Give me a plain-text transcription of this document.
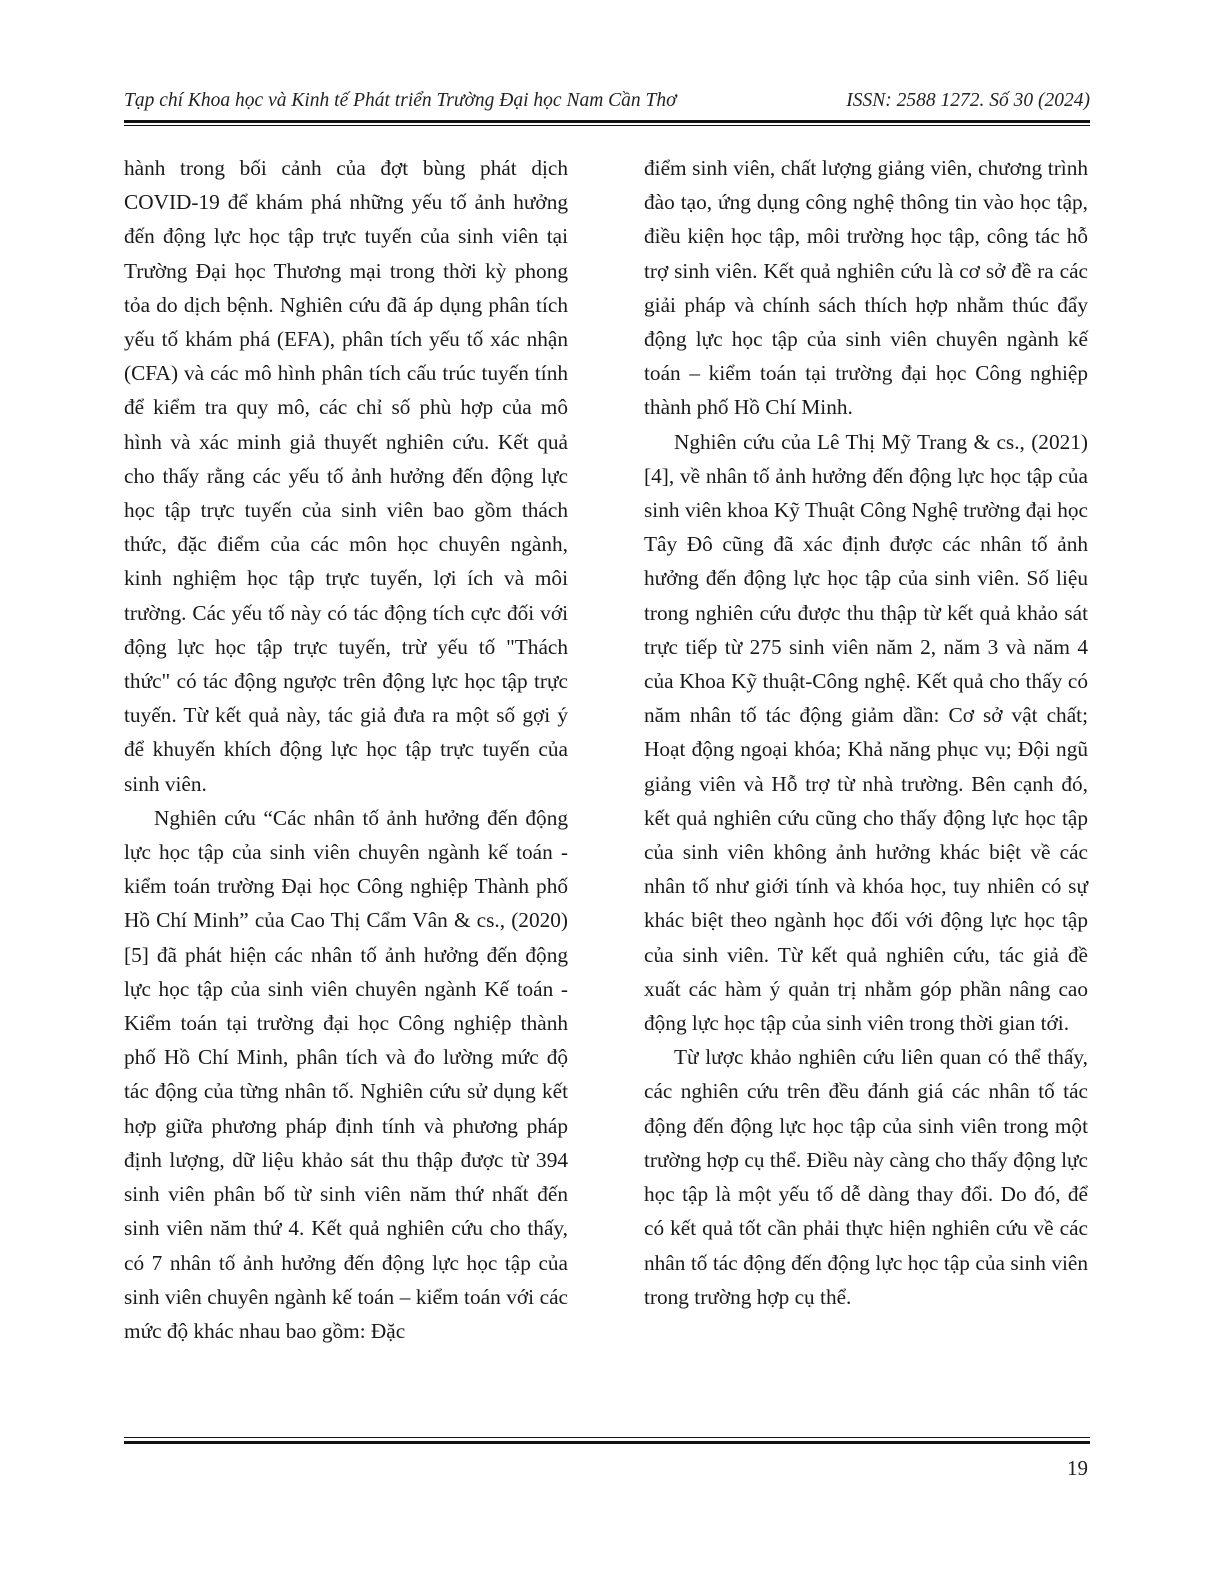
Tạp chí Khoa học và Kinh tế Phát triển Trường Đại học Nam Cần Thơ	ISSN: 2588 1272. Số 30 (2024)

hành trong bối cảnh của đợt bùng phát dịch COVID-19 để khám phá những yếu tố ảnh hưởng đến động lực học tập trực tuyến của sinh viên tại Trường Đại học Thương mại trong thời kỳ phong tỏa do dịch bệnh. Nghiên cứu đã áp dụng phân tích yếu tố khám phá (EFA), phân tích yếu tố xác nhận (CFA) và các mô hình phân tích cấu trúc tuyến tính để kiểm tra quy mô, các chỉ số phù hợp của mô hình và xác minh giả thuyết nghiên cứu. Kết quả cho thấy rằng các yếu tố ảnh hưởng đến động lực học tập trực tuyến của sinh viên bao gồm thách thức, đặc điểm của các môn học chuyên ngành, kinh nghiệm học tập trực tuyến, lợi ích và môi trường. Các yếu tố này có tác động tích cực đối với động lực học tập trực tuyến, trừ yếu tố "Thách thức" có tác động ngược trên động lực học tập trực tuyến. Từ kết quả này, tác giả đưa ra một số gợi ý để khuyến khích động lực học tập trực tuyến của sinh viên.

Nghiên cứu “Các nhân tố ảnh hưởng đến động lực học tập của sinh viên chuyên ngành kế toán - kiểm toán trường Đại học Công nghiệp Thành phố Hồ Chí Minh” của Cao Thị Cẩm Vân & cs., (2020) [5] đã phát hiện các nhân tố ảnh hưởng đến động lực học tập của sinh viên chuyên ngành Kế toán - Kiểm toán tại trường đại học Công nghiệp thành phố Hồ Chí Minh, phân tích và đo lường mức độ tác động của từng nhân tố. Nghiên cứu sử dụng kết hợp giữa phương pháp định tính và phương pháp định lượng, dữ liệu khảo sát thu thập được từ 394 sinh viên phân bố từ sinh viên năm thứ nhất đến sinh viên năm thứ 4. Kết quả nghiên cứu cho thấy, có 7 nhân tố ảnh hưởng đến động lực học tập của sinh viên chuyên ngành kế toán – kiểm toán với các mức độ khác nhau bao gồm: Đặc

điểm sinh viên, chất lượng giảng viên, chương trình đào tạo, ứng dụng công nghệ thông tin vào học tập, điều kiện học tập, môi trường học tập, công tác hỗ trợ sinh viên. Kết quả nghiên cứu là cơ sở đề ra các giải pháp và chính sách thích hợp nhằm thúc đẩy động lực học tập của sinh viên chuyên ngành kế toán – kiểm toán tại trường đại học Công nghiệp thành phố Hồ Chí Minh.

Nghiên cứu của Lê Thị Mỹ Trang & cs., (2021) [4], về nhân tố ảnh hưởng đến động lực học tập của sinh viên khoa Kỹ Thuật Công Nghệ trường đại học Tây Đô cũng đã xác định được các nhân tố ảnh hưởng đến động lực học tập của sinh viên. Số liệu trong nghiên cứu được thu thập từ kết quả khảo sát trực tiếp từ 275 sinh viên năm 2, năm 3 và năm 4 của Khoa Kỹ thuật-Công nghệ. Kết quả cho thấy có năm nhân tố tác động giảm dần: Cơ sở vật chất; Hoạt động ngoại khóa; Khả năng phục vụ; Đội ngũ giảng viên và Hỗ trợ từ nhà trường. Bên cạnh đó, kết quả nghiên cứu cũng cho thấy động lực học tập của sinh viên không ảnh hưởng khác biệt về các nhân tố như giới tính và khóa học, tuy nhiên có sự khác biệt theo ngành học đối với động lực học tập của sinh viên. Từ kết quả nghiên cứu, tác giả đề xuất các hàm ý quản trị nhằm góp phần nâng cao động lực học tập của sinh viên trong thời gian tới.

Từ lược khảo nghiên cứu liên quan có thể thấy, các nghiên cứu trên đều đánh giá các nhân tố tác động đến động lực học tập của sinh viên trong một trường hợp cụ thể. Điều này càng cho thấy động lực học tập là một yếu tố dễ dàng thay đổi. Do đó, để có kết quả tốt cần phải thực hiện nghiên cứu về các nhân tố tác động đến động lực học tập của sinh viên trong trường hợp cụ thể.

19
